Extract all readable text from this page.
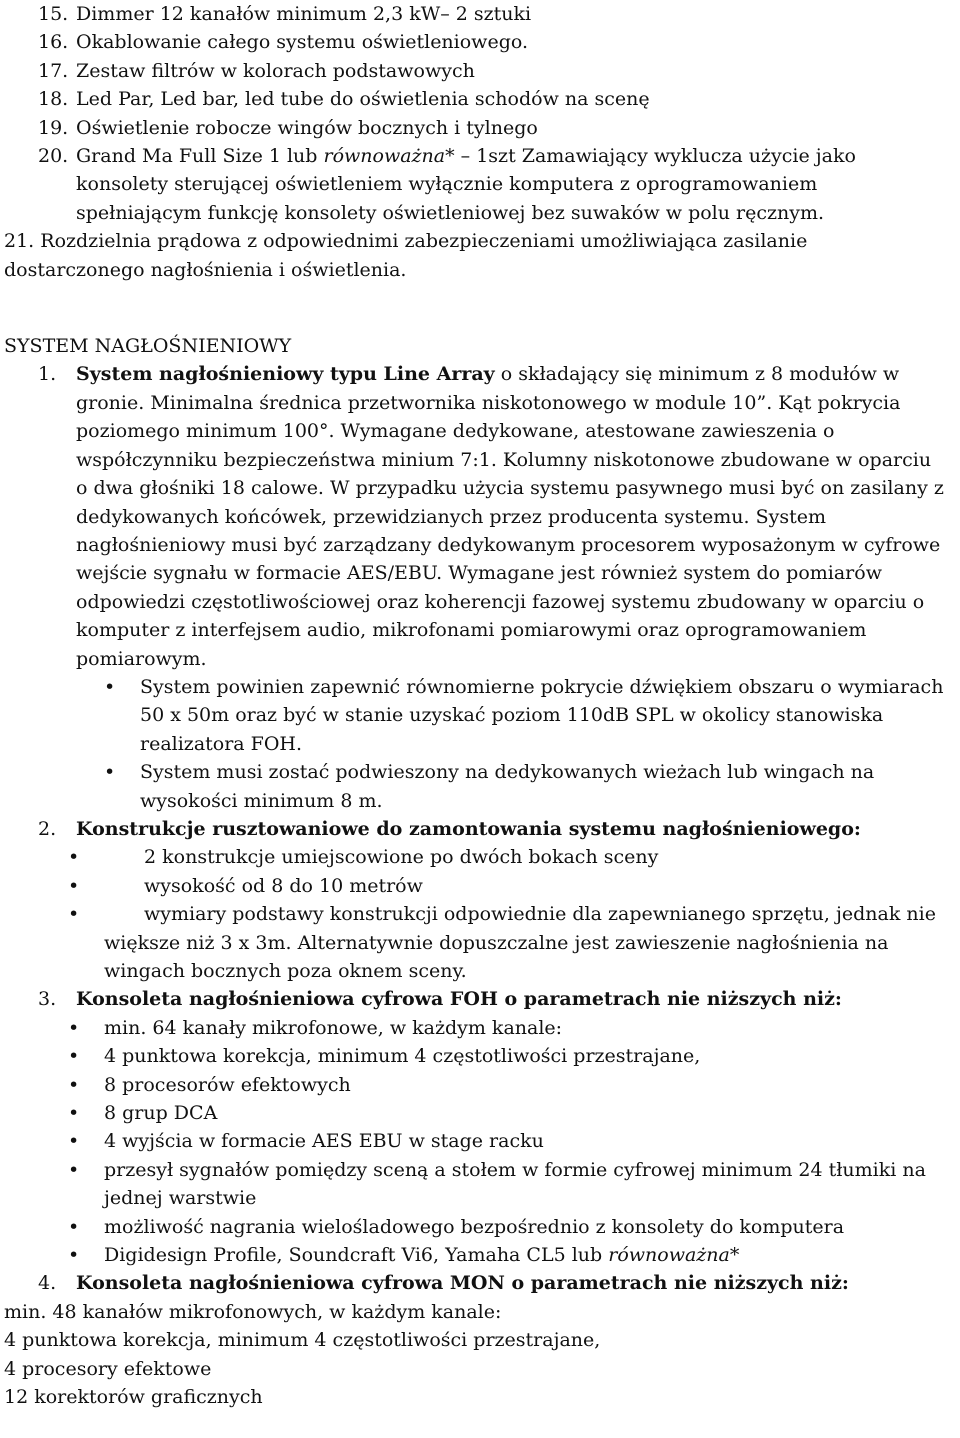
15. Dimmer 12 kanałów minimum 2,3 kW– 2 sztuki
16. Okablowanie całego systemu oświetleniowego.
17. Zestaw filtrów w kolorach podstawowych
18. Led Par, Led bar, led tube do oświetlenia schodów na scenę
19. Oświetlenie robocze wingów bocznych i tylnego
20. Grand Ma Full Size 1 lub równoważna* – 1szt Zamawiający wyklucza użycie jako konsolety sterującej oświetleniem wyłącznie komputera z oprogramowaniem spełniającym funkcję konsolety oświetleniowej bez suwaków w polu ręcznym.
21. Rozdzielnia prądowa z odpowiednimi zabezpieczeniami umożliwiająca zasilanie dostarczonego nagłośnienia i oświetlenia.
SYSTEM NAGŁOŚNIENIOWY
1. System nagłośnieniowy typu Line Array o składający się minimum z 8 modułów w gronie. Minimalna średnica przetwornika niskotonowego w module 10”. Kąt pokrycia poziomego minimum 100°. Wymagane dedykowane, atestowane zawieszenia o współczynniku bezpieczeństwa minium 7:1. Kolumny niskotonowe zbudowane w oparciu o dwa głośniki 18 calowe. W przypadku użycia systemu pasywnego musi być on zasilany z dedykowanych końcówek, przewidzianych przez producenta systemu. System nagłośnieniowy musi być zarządzany dedykowanym procesorem wyposażonym w cyfrowe wejście sygnału w formacie AES/EBU. Wymagane jest również system do pomiarów odpowiedzi częstotliwościowej oraz koherencji fazowej systemu zbudowany w oparciu o komputer z interfejsem audio, mikrofonami pomiarowymi oraz oprogramowaniem pomiarowym.
• System powinien zapewnić równomierne pokrycie dźwiękiem obszaru o wymiarach 50 x 50m oraz być w stanie uzyskać poziom 110dB SPL w okolicy stanowiska realizatora FOH.
• System musi zostać podwieszony na dedykowanych wieżach lub wingach na wysokości minimum 8 m.
2. Konstrukcje rusztowaniowe do zamontowania systemu nagłośnieniowego:
•	2 konstrukcje umiejscowione po dwóch bokach sceny
•	wysokość od 8 do 10 metrów
•	wymiary podstawy konstrukcji odpowiednie dla zapewnianego sprzętu, jednak nie większe niż 3 x 3m. Alternatywnie dopuszczalne jest zawieszenie nagłośnienia na wingach bocznych poza oknem sceny.
3. Konsoleta nagłośnieniowa cyfrowa FOH o parametrach nie niższych niż:
• min. 64 kanały mikrofonowe, w każdym kanale:
• 4 punktowa korekcja, minimum 4 częstotliwości przestrajane,
• 8 procesorów efektowych
• 8 grup DCA
• 4 wyjścia w formacie AES EBU w stage racku
• przesył sygnałów pomiędzy sceną a stołem w formie cyfrowej minimum 24 tłumiki na jednej warstwie
• możliwość nagrania wielośladowego bezpośrednio z konsolety do komputera
• Digidesign Profile, Soundcraft Vi6, Yamaha CL5 lub równoważna*
4. Konsoleta nagłośnieniowa cyfrowa MON o parametrach nie niższych niż:
min. 48 kanałów mikrofonowych, w każdym kanale:
4 punktowa korekcja, minimum 4 częstotliwości przestrajane,
4 procesory efektowe
12 korektorów graficznych
